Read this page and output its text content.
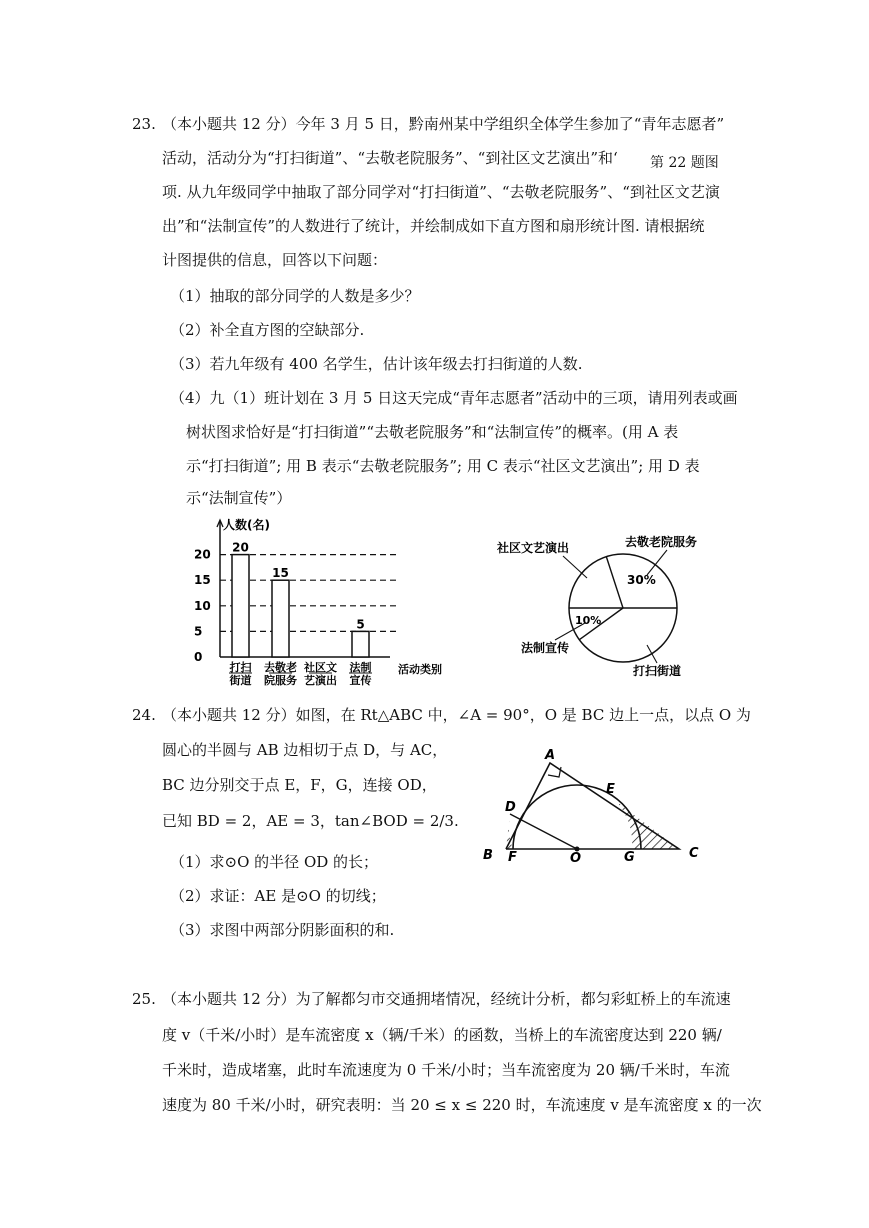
23. （本小题共 12 分）今年 3 月 5 日，黔南州某中学组织全体学生参加了“青年志愿者”
活动，活动分为“打扫街道”、“去敬老院服务”、“到社区文艺演出”和‘ 第 22 题图
项. 从九年级同学中抽取了部分同学对“打扫街道”、“去敬老院服务”、“到社区文艺演
出”和“法制宣传”的人数进行了统计，并绘制成如下直方图和扇形统计图. 请根据统
计图提供的信息，回答以下问题：
（1）抽取的部分同学的人数是多少？
（2）补全直方图的空缺部分.
（3）若九年级有 400 名学生，估计该年级去打扫街道的人数.
（4）九（1）班计划在 3 月 5 日这天完成“青年志愿者”活动中的三项，请用列表或画
树状图求恰好是“打扫街道”“去敬老院服务”和“法制宣传”的概率。(用 A 表
示“打扫街道”; 用 B 表示“去敬老院服务”; 用 C 表示“社区文艺演出”; 用 D 表
示“法制宣传”）
人数(名)
0
5
10
15
20 20
打扫
街道
15
去敬老
院服务
社区文
艺演出
5
法制
宣传
活动类别
30%
10%
去敬老院服务
社区文艺演出
法制宣传
打扫街道
24. （本小题共 12 分）如图，在 Rt△ABC 中，∠A = 90°，O 是 BC 边上一点，以点 O 为
圆心的半圆与 AB 边相切于点 D，与 AC，
BC 边分别交于点 E，F，G，连接 OD，
已知 BD = 2，AE = 3，tan∠BOD = 2/3.
（1）求⊙O 的半径 OD 的长；
（2）求证：AE 是⊙O 的切线；
（3）求图中两部分阴影面积的和.
A
B	C
D
E
F	G
O
25. （本小题共 12 分）为了解都匀市交通拥堵情况，经统计分析，都匀彩虹桥上的车流速
度 v（千米/小时）是车流密度 x（辆/千米）的函数，当桥上的车流密度达到 220 辆/
千米时，造成堵塞，此时车流速度为 0 千米/小时；当车流密度为 20 辆/千米时，车流
速度为 80 千米/小时，研究表明：当 20 ≤ x ≤ 220 时，车流速度 v 是车流密度 x 的一次
